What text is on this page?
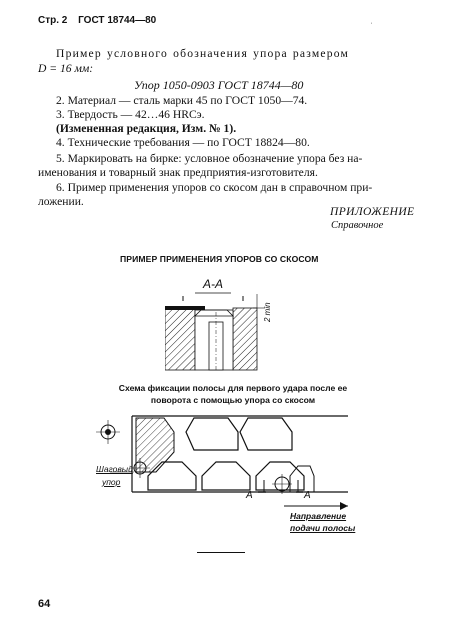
Стр. 2 ГОСТ 18744—80	ˌ
Пример условного обозначения упора размером
D = 16 мм:
Упор 1050-0903 ГОСТ 18744—80
2. Материал — сталь марки 45 по ГОСТ 1050—74.
3. Твердость — 42…46 HRCэ.
(Измененная редакция, Изм. № 1).
4. Технические требования — по ГОСТ 18824—80.
5. Маркировать на бирке: условное обозначение упора без на-
именования и товарный знак предприятия-изготовителя.
6. Пример применения упоров со скосом дан в справочном при-
ложении.
ПРИЛОЖЕНИЕ
Справочное
ПРИМЕР ПРИМЕНЕНИЯ УПОРОВ СО СКОСОМ
А-А
2 min
Схема фиксации полосы для первого удара после ее
поворота с помощью упора со скосом
А	А
Шаговый
упор
Направление
подачи полосы
64
